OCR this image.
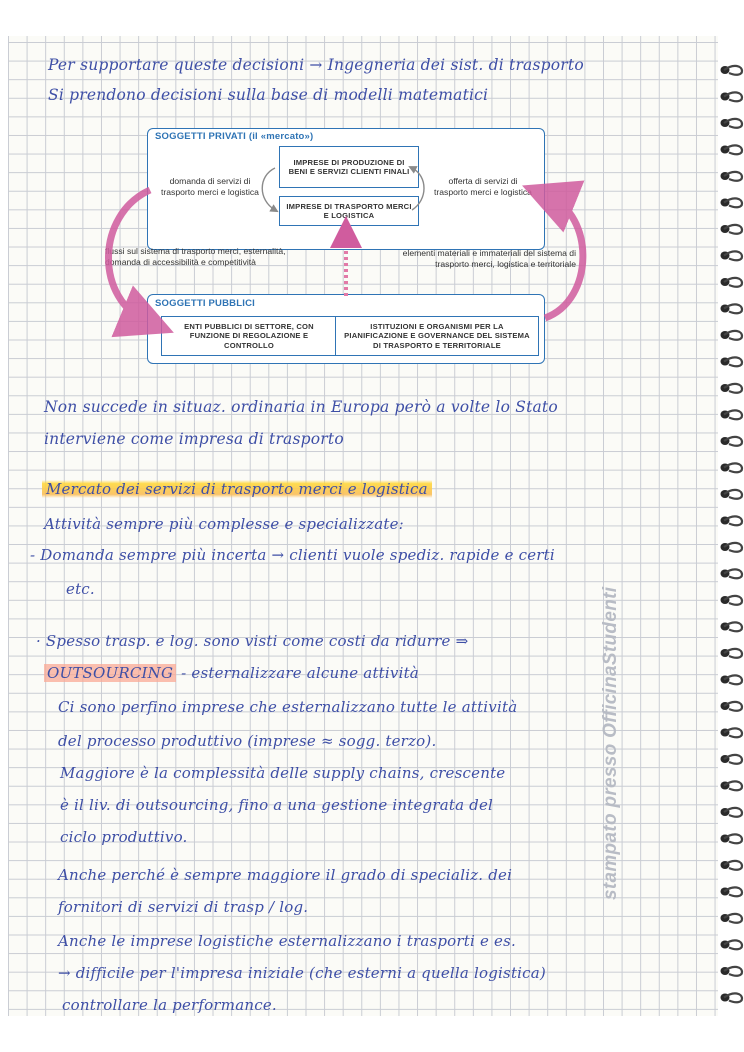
Per supportare queste decisioni → Ingegneria dei sist. di trasporto
Si prendono decisioni sulla base di modelli matematici
SOGGETTI PRIVATI (il «mercato»)
IMPRESE DI PRODUZIONE DI BENI E SERVIZI CLIENTI FINALI
IMPRESE DI TRASPORTO MERCI E LOGISTICA
domanda di servizi di trasporto merci e logistica
offerta di servizi di trasporto merci e logistica
flussi sul sistema di trasporto merci, esternalità, domanda di accessibilità e competitività
elementi materiali e immateriali del sistema di trasporto merci, logistica e territoriale
SOGGETTI PUBBLICI
ENTI PUBBLICI DI SETTORE, CON FUNZIONE DI REGOLAZIONE E CONTROLLO
ISTITUZIONI E ORGANISMI PER LA PIANIFICAZIONE E GOVERNANCE DEL SISTEMA DI TRASPORTO E TERRITORIALE
Non succede in situaz. ordinaria in Europa però a volte lo Stato
interviene come impresa di trasporto
Mercato dei servizi di trasporto merci e logistica
Attività sempre più complesse e specializzate:
- Domanda sempre più incerta → clienti vuole spediz. rapide e certi
etc.
· Spesso trasp. e log. sono visti come costi da ridurre ⇒
OUTSOURCING - esternalizzare alcune attività
Ci sono perfino imprese che esternalizzano tutte le attività
del processo produttivo (imprese ≈ sogg. terzo).
Maggiore è la complessità delle supply chains, crescente
è il liv. di outsourcing, fino a una gestione integrata del
ciclo produttivo.
Anche perché è sempre maggiore il grado di specializ. dei
fornitori di servizi di trasp / log.
Anche le imprese logistiche esternalizzano i trasporti e es.
→ difficile per l'impresa iniziale (che esterni a quella logistica)
controllare la performance.
stampato presso OfficinaStudenti
